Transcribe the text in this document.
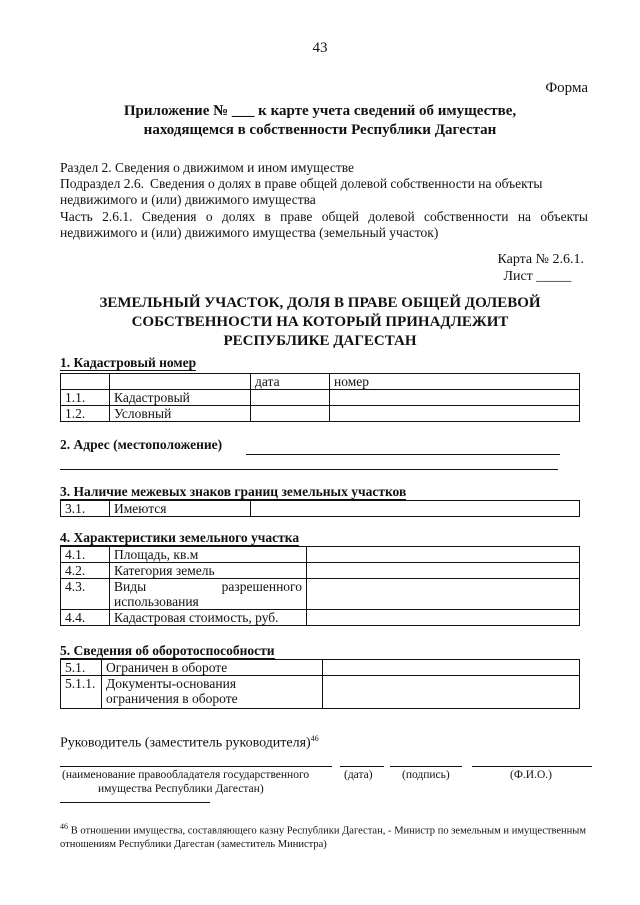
43
Форма
Приложение № ___ к карте учета сведений об имуществе,
находящемся в собственности Республики Дагестан
Раздел 2. Сведения о движимом и ином имуществе
Подраздел 2.6. Сведения о долях в праве общей долевой собственности на объекты недвижимого и (или) движимого имущества
Часть 2.6.1. Сведения о долях в праве общей долевой собственности на объекты недвижимого и (или) движимого имущества (земельный участок)
Карта № 2.6.1.
Лист _____
ЗЕМЕЛЬНЫЙ УЧАСТОК, ДОЛЯ В ПРАВЕ ОБЩЕЙ ДОЛЕВОЙ СОБСТВЕННОСТИ НА КОТОРЫЙ ПРИНАДЛЕЖИТ РЕСПУБЛИКЕ ДАГЕСТАН
1. Кадастровый номер
		дата	номер
1.1.	Кадастровый		
1.2.	Условный		
2. Адрес (местоположение)
3. Наличие межевых знаков границ земельных участков
3.1.	Имеются	
4. Характеристики земельного участка
4.1.	Площадь, кв.м	
4.2.	Категория земель	
4.3.	Виды разрешенного
использования	

4.4.	Кадастровая стоимость, руб.	
5. Сведения об оборотоспособности
5.1.	Ограничен в обороте	
5.1.1.	Документы-основания
ограничения в обороте	

Руководитель (заместитель руководителя)$^{46}$
(наименование правообладателя государственного
имущества Республики Дагестан)
(дата)	(подпись)	(Ф.И.О.)
$^{46}$ В отношении имущества, составляющего казну Республики Дагестан, - Министр по земельным и имущественным отношениям Республики Дагестан (заместитель Министра)
